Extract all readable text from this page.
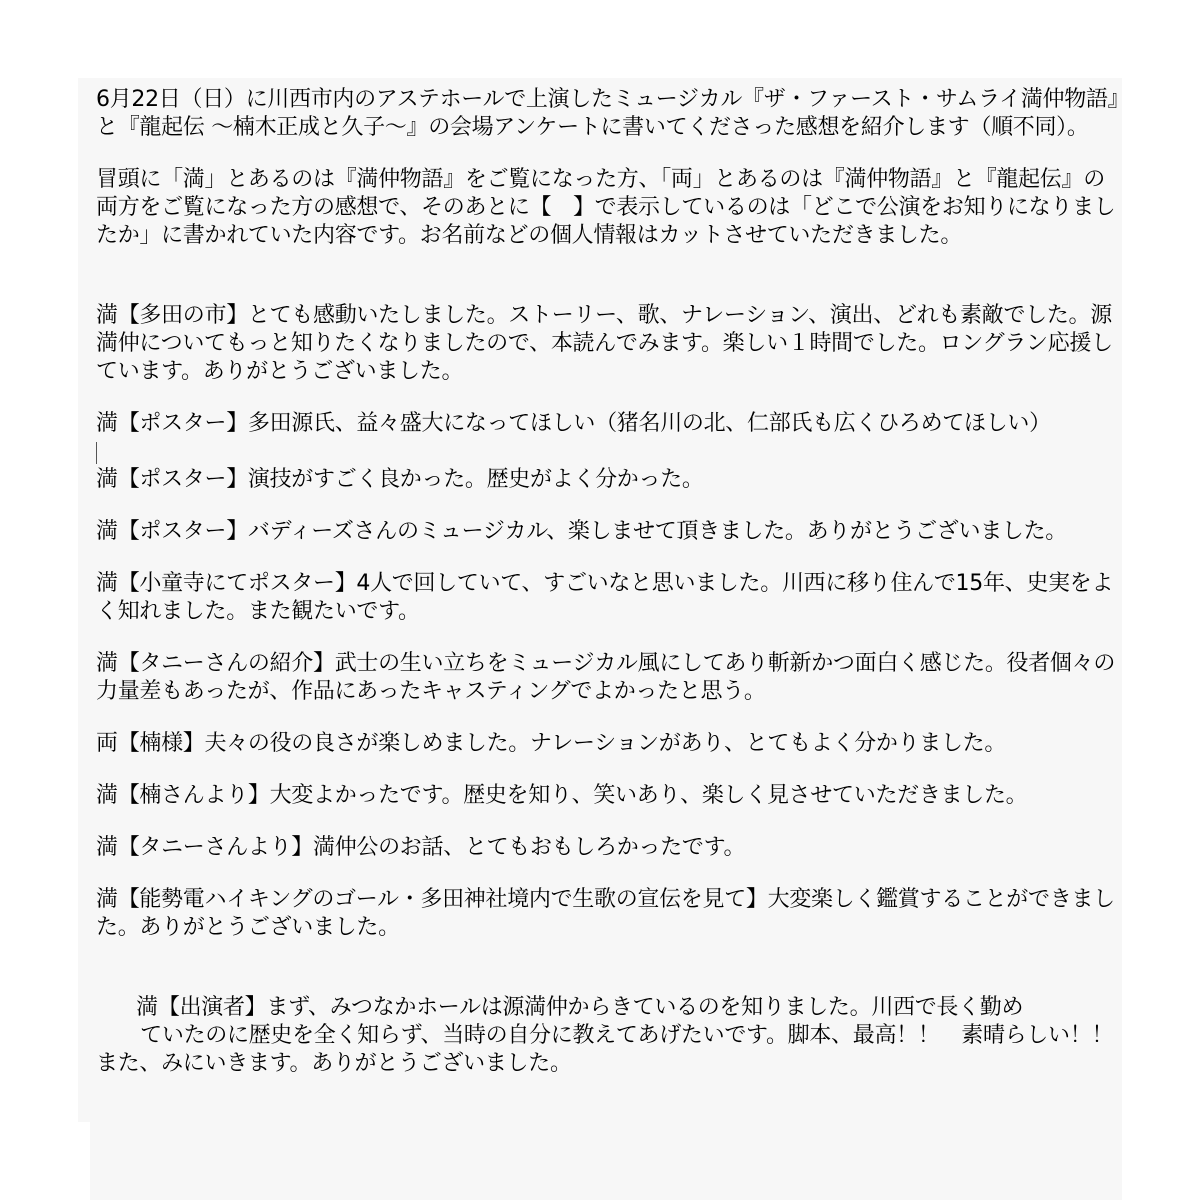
6月22日（日）に川西市内のアステホールで上演したミュージカル『ザ・ファースト・サムライ満仲物語』と『龍起伝 ～楠木正成と久子～』の会場アンケートに書いてくださった感想を紹介します（順不同）。

冒頭に「満」とあるのは『満仲物語』をご覧になった方、「両」とあるのは『満仲物語』と『龍起伝』の両方をご覧になった方の感想で、そのあとに【　】で表示しているのは「どこで公演をお知りになりましたか」に書かれていた内容です。お名前などの個人情報はカットさせていただきました。

満【多田の市】とても感動いたしました。ストーリー、歌、ナレーション、演出、どれも素敵でした。源満仲についてもっと知りたくなりましたので、本読んでみます。楽しい１時間でした。ロングラン応援しています。ありがとうございました。

満【ポスター】多田源氏、益々盛大になってほしい（猪名川の北、仁部氏も広くひろめてほしい）

満【ポスター】演技がすごく良かった。歴史がよく分かった。

満【ポスター】バディーズさんのミュージカル、楽しませて頂きました。ありがとうございました。

満【小童寺にてポスター】4人で回していて、すごいなと思いました。川西に移り住んで15年、史実をよく知れました。また観たいです。

満【タニーさんの紹介】武士の生い立ちをミュージカル風にしてあり斬新かつ面白く感じた。役者個々の力量差もあったが、作品にあったキャスティングでよかったと思う。

両【楠様】夫々の役の良さが楽しめました。ナレーションがあり、とてもよく分かりました。

満【楠さんより】大変よかったです。歴史を知り、笑いあり、楽しく見させていただきました。

満【タニーさんより】満仲公のお話、とてもおもしろかったです。

満【能勢電ハイキングのゴール・多田神社境内で生歌の宣伝を見て】大変楽しく鑑賞することができました。ありがとうございました。

満【出演者】まず、みつなかホールは源満仲からきているのを知りました。川西で長く勤め
ていたのに歴史を全く知らず、当時の自分に教えてあげたいです。脚本、最高！！　素晴らしい！！　また、みにいきます。ありがとうございました。
